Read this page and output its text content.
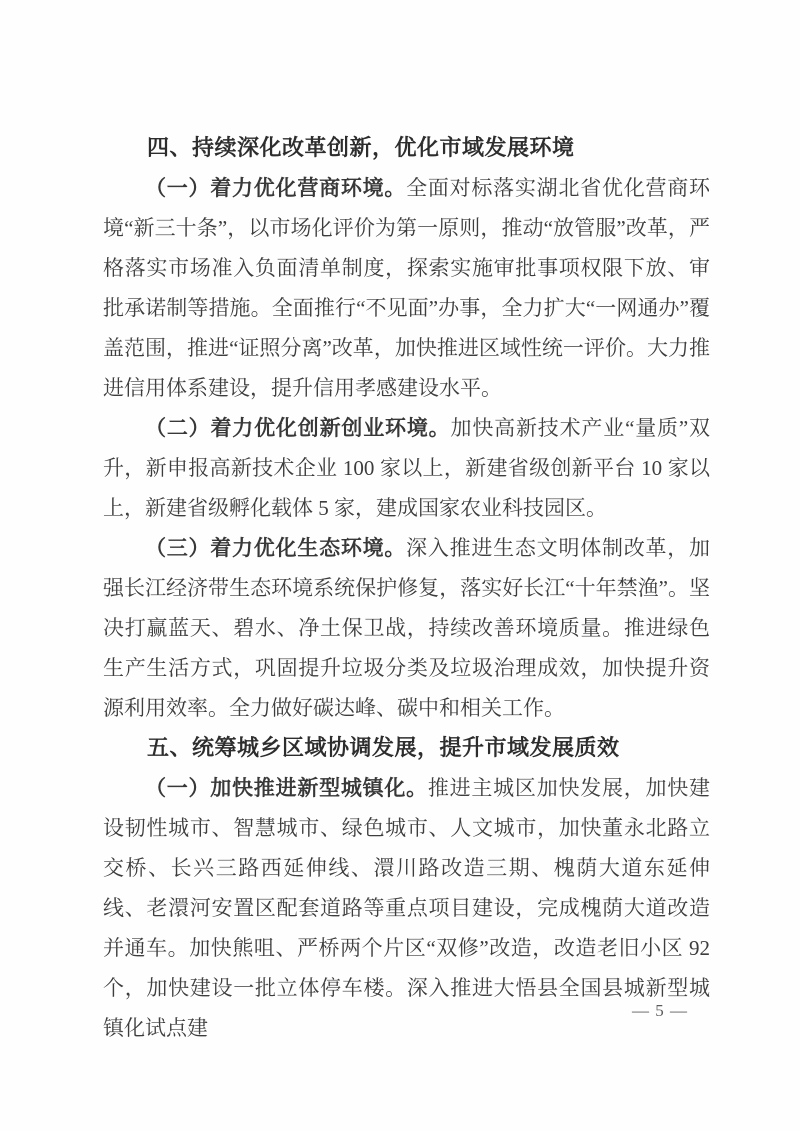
四、持续深化改革创新，优化市域发展环境

（一）着力优化营商环境。全面对标落实湖北省优化营商环境“新三十条”，以市场化评价为第一原则，推动“放管服”改革，严格落实市场准入负面清单制度，探索实施审批事项权限下放、审批承诺制等措施。全面推行“不见面”办事，全力扩大“一网通办”覆盖范围，推进“证照分离”改革，加快推进区域性统一评价。大力推进信用体系建设，提升信用孝感建设水平。

（二）着力优化创新创业环境。加快高新技术产业“量质”双升，新申报高新技术企业 100 家以上，新建省级创新平台 10 家以上，新建省级孵化载体 5 家，建成国家农业科技园区。

（三）着力优化生态环境。深入推进生态文明体制改革，加强长江经济带生态环境系统保护修复，落实好长江“十年禁渔”。坚决打赢蓝天、碧水、净土保卫战，持续改善环境质量。推进绿色生产生活方式，巩固提升垃圾分类及垃圾治理成效，加快提升资源利用效率。全力做好碳达峰、碳中和相关工作。

五、统筹城乡区域协调发展，提升市域发展质效

（一）加快推进新型城镇化。推进主城区加快发展，加快建设韧性城市、智慧城市、绿色城市、人文城市，加快董永北路立交桥、长兴三路西延伸线、澴川路改造三期、槐荫大道东延伸线、老澴河安置区配套道路等重点项目建设，完成槐荫大道改造并通车。加快熊咀、严桥两个片区“双修”改造，改造老旧小区 92 个，加快建设一批立体停车楼。深入推进大悟县全国县城新型城镇化试点建

— 5 —
